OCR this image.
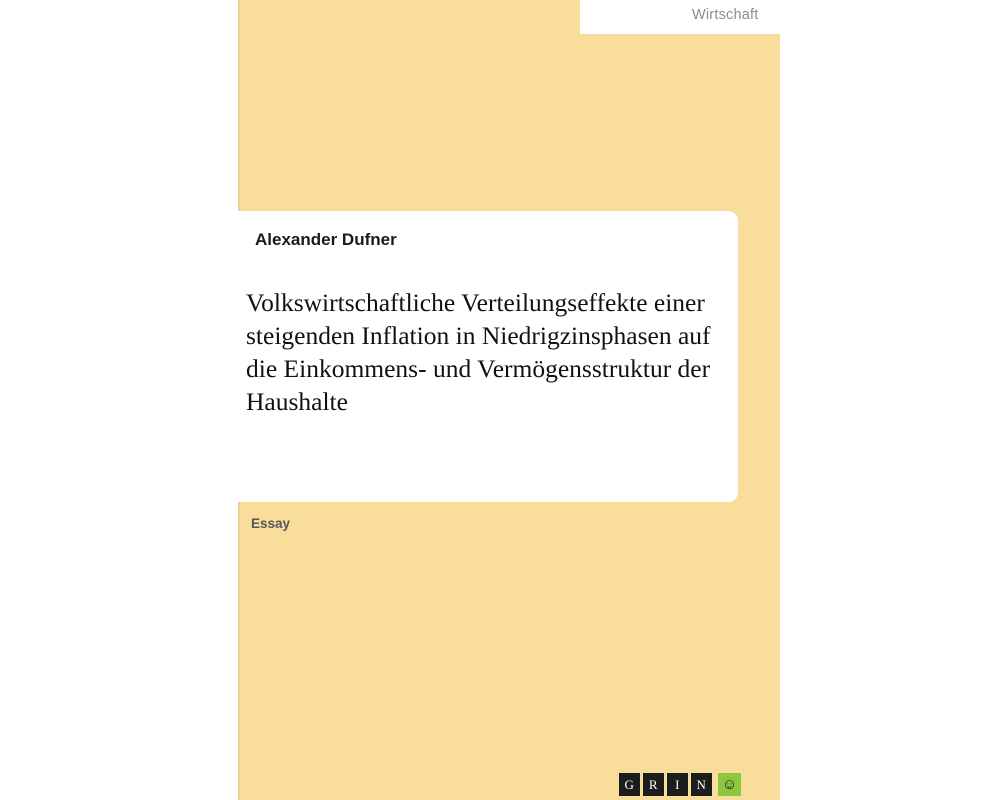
Wirtschaft
Alexander Dufner
Volkswirtschaftliche Verteilungseffekte einer steigenden Inflation in Niedrigzinsphasen auf die Einkommens- und Vermögensstruktur der Haushalte
Essay
G	R	I	N	☺
